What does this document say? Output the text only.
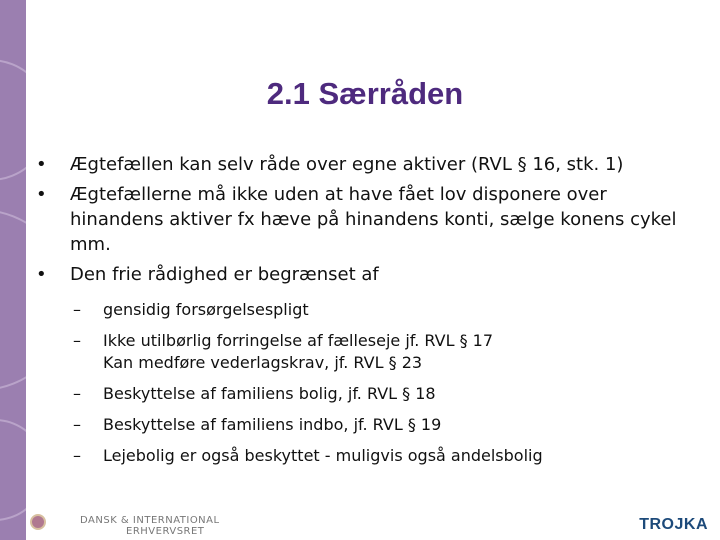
2.1 Særråden
•	Ægtefællen kan selv råde over egne aktiver (RVL § 16, stk. 1)
•	Ægtefællerne må ikke uden at have fået lov disponere over hinandens aktiver fx hæve på hinandens konti, sælge konens cykel mm.
•	Den frie rådighed er begrænset af
– gensidig forsørgelsespligt
– Ikke utilbørlig forringelse af fælleseje jf. RVL § 17
Kan medføre vederlagskrav, jf. RVL § 23
– Beskyttelse af familiens bolig, jf. RVL § 18
– Beskyttelse af familiens indbo, jf. RVL § 19
– Lejebolig er også beskyttet - muligvis også andelsbolig
DANSK & INTERNATIONAL
ERHVERVSRET	TROJKA
